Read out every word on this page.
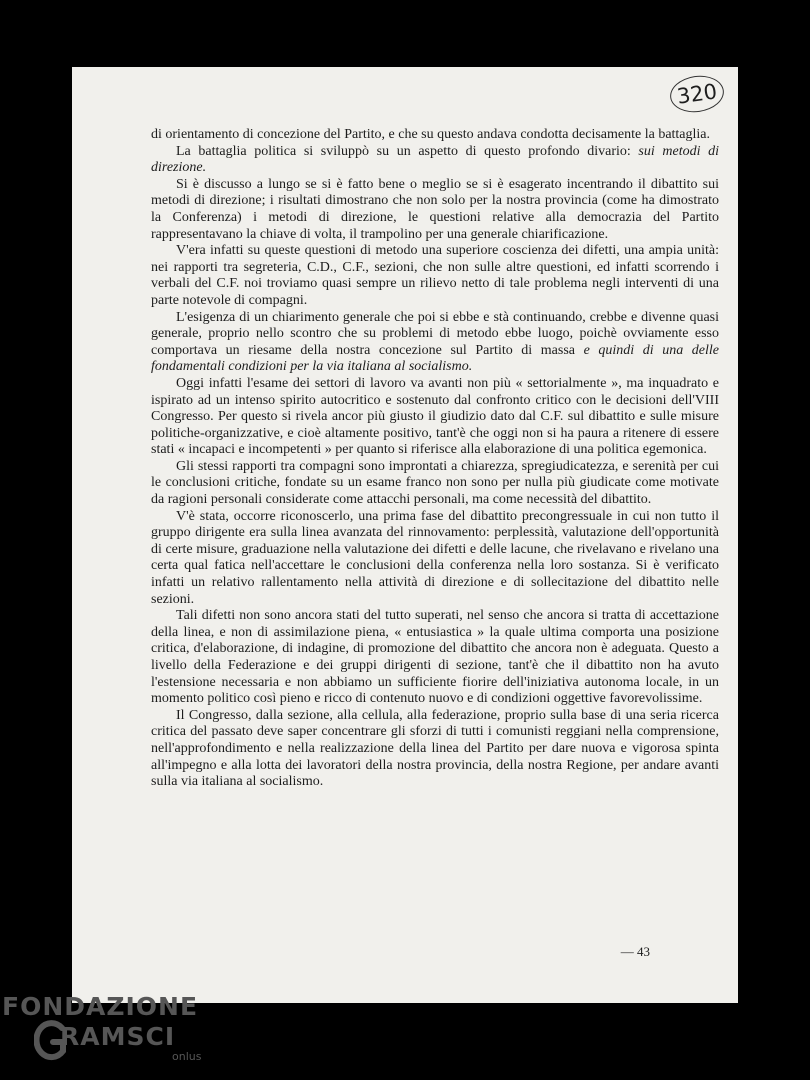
320

di orientamento di concezione del Partito, e che su questo andava condotta decisamente la battaglia.

La battaglia politica si sviluppò su un aspetto di questo profondo divario: sui metodi di direzione.

Si è discusso a lungo se si è fatto bene o meglio se si è esagerato incentrando il dibattito sui metodi di direzione; i risultati dimostrano che non solo per la nostra provincia (come ha dimostrato la Conferenza) i metodi di direzione, le questioni relative alla democrazia del Partito rappresentavano la chiave di volta, il trampolino per una generale chiarificazione.

V'era infatti su queste questioni di metodo una superiore coscienza dei difetti, una ampia unità: nei rapporti tra segreteria, C.D., C.F., sezioni, che non sulle altre questioni, ed infatti scorrendo i verbali del C.F. noi troviamo quasi sempre un rilievo netto di tale problema negli interventi di una parte notevole di compagni.

L'esigenza di un chiarimento generale che poi si ebbe e stà continuando, crebbe e divenne quasi generale, proprio nello scontro che su problemi di metodo ebbe luogo, poichè ovviamente esso comportava un riesame della nostra concezione sul Partito di massa e quindi di una delle fondamentali condizioni per la via italiana al socialismo.

Oggi infatti l'esame dei settori di lavoro va avanti non più « settorialmente », ma inquadrato e ispirato ad un intenso spirito autocritico e sostenuto dal confronto critico con le decisioni dell'VIII Congresso. Per questo si rivela ancor più giusto il giudizio dato dal C.F. sul dibattito e sulle misure politiche-organizzative, e cioè altamente positivo, tant'è che oggi non si ha paura a ritenere di essere stati « incapaci e incompetenti » per quanto si riferisce alla elaborazione di una politica egemonica.

Gli stessi rapporti tra compagni sono improntati a chiarezza, spregiudicatezza, e serenità per cui le conclusioni critiche, fondate su un esame franco non sono per nulla più giudicate come motivate da ragioni personali considerate come attacchi personali, ma come necessità del dibattito.

V'è stata, occorre riconoscerlo, una prima fase del dibattito precongressuale in cui non tutto il gruppo dirigente era sulla linea avanzata del rinnovamento: perplessità, valutazione dell'opportunità di certe misure, graduazione nella valutazione dei difetti e delle lacune, che rivelavano e rivelano una certa qual fatica nell'accettare le conclusioni della conferenza nella loro sostanza. Si è verificato infatti un relativo rallentamento nella attività di direzione e di sollecitazione del dibattito nelle sezioni.

Tali difetti non sono ancora stati del tutto superati, nel senso che ancora si tratta di accettazione della linea, e non di assimilazione piena, « entusiastica » la quale ultima comporta una posizione critica, d'elaborazione, di indagine, di promozione del dibattito che ancora non è adeguata. Questo a livello della Federazione e dei gruppi dirigenti di sezione, tant'è che il dibattito non ha avuto l'estensione necessaria e non abbiamo un sufficiente fiorire dell'iniziativa autonoma locale, in un momento politico così pieno e ricco di contenuto nuovo e di condizioni oggettive favorevolissime.

Il Congresso, dalla sezione, alla cellula, alla federazione, proprio sulla base di una seria ricerca critica del passato deve saper concentrare gli sforzi di tutti i comunisti reggiani nella comprensione, nell'approfondimento e nella realizzazione della linea del Partito per dare nuova e vigorosa spinta all'impegno e alla lotta dei lavoratori della nostra provincia, della nostra Regione, per andare avanti sulla via italiana al socialismo.

— 43
FONDAZIONE
RAMSCI
onlus
